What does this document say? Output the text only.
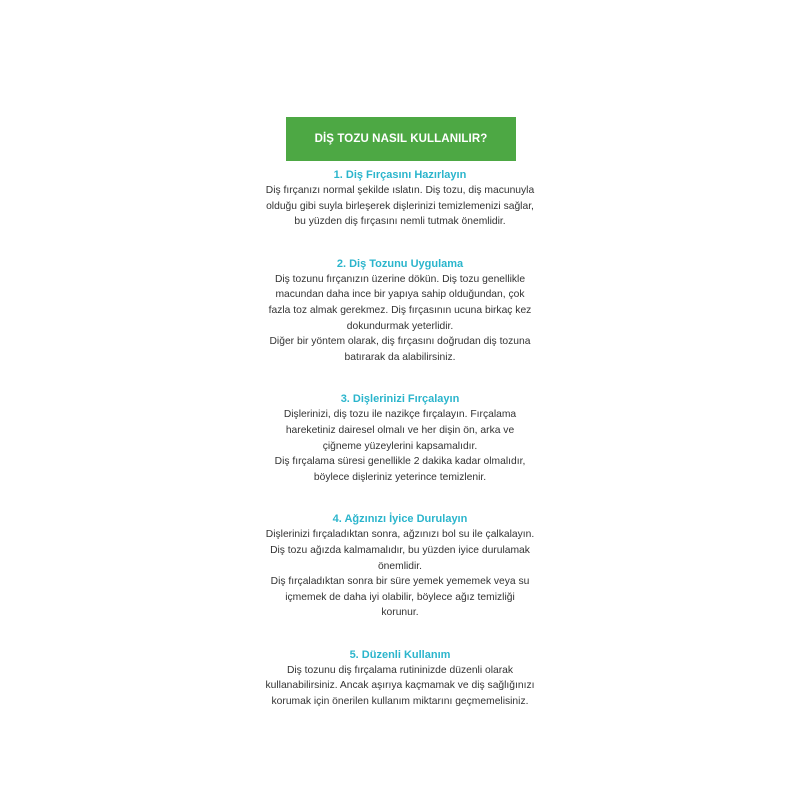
DİŞ TOZU NASIL KULLANILIR?
1. Diş Fırçasını Hazırlayın
Diş fırçanızı normal şekilde ıslatın. Diş tozu, diş macunuyla
olduğu gibi suyla birleşerek dişlerinizi temizlemenizi sağlar,
bu yüzden diş fırçasını nemli tutmak önemlidir.
2. Diş Tozunu Uygulama
Diş tozunu fırçanızın üzerine dökün. Diş tozu genellikle
macundan daha ince bir yapıya sahip olduğundan, çok
fazla toz almak gerekmez. Diş fırçasının ucuna birkaç kez
dokundurmak yeterlidir.
Diğer bir yöntem olarak, diş fırçasını doğrudan diş tozuna
batırarak da alabilirsiniz.
3. Dişlerinizi Fırçalayın
Dişlerinizi, diş tozu ile nazikçe fırçalayın. Fırçalama
hareketiniz dairesel olmalı ve her dişin ön, arka ve
çiğneme yüzeylerini kapsamalıdır.
Diş fırçalama süresi genellikle 2 dakika kadar olmalıdır,
böylece dişleriniz yeterince temizlenir.
4. Ağzınızı İyice Durulayın
Dişlerinizi fırçaladıktan sonra, ağzınızı bol su ile çalkalayın.
Diş tozu ağızda kalmamalıdır, bu yüzden iyice durulamak
önemlidir.
Diş fırçaladıktan sonra bir süre yemek yememek veya su
içmemek de daha iyi olabilir, böylece ağız temizliği
korunur.
5. Düzenli Kullanım
Diş tozunu diş fırçalama rutininizde düzenli olarak
kullanabilirsiniz. Ancak aşırıya kaçmamak ve diş sağlığınızı
korumak için önerilen kullanım miktarını geçmemelisiniz.
